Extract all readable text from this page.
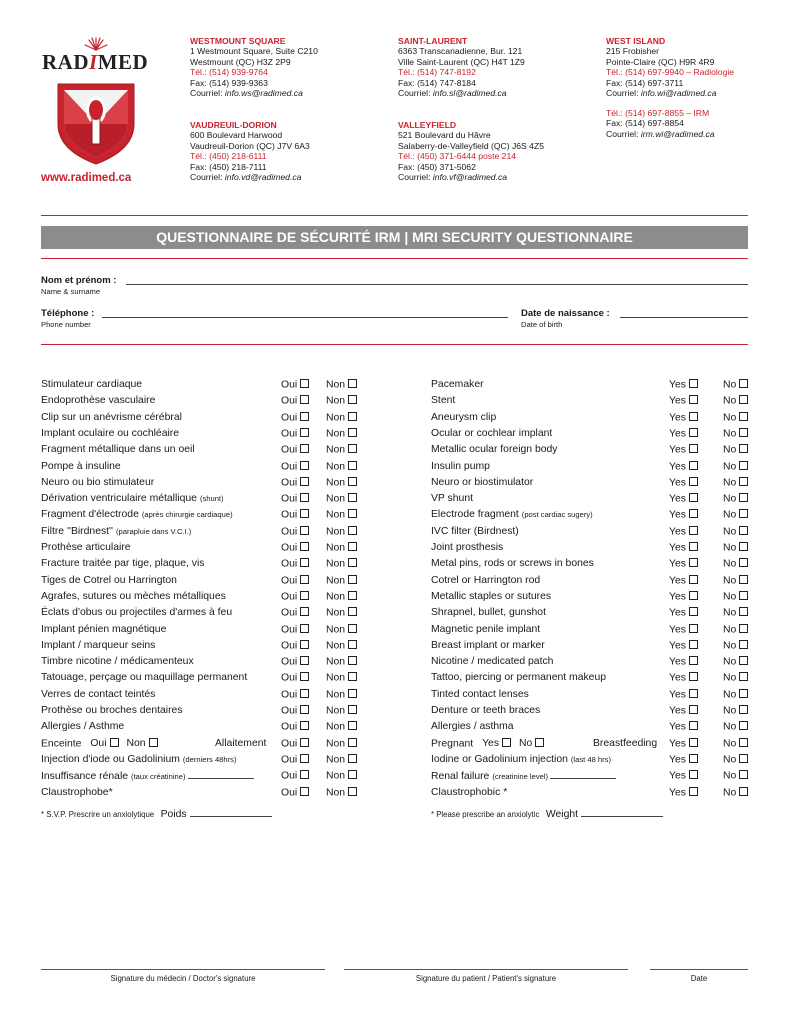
RADIMED
www.radimed.ca
WESTMOUNT SQUARE
1 Westmount Square, Suite C210
Westmount (QC) H3Z 2P9
Tél.: (514) 939-9764
Fax: (514) 939-9363
Courriel: info.ws@radimed.ca
VAUDREUIL-DORION
600 Boulevard Harwood
Vaudreuil-Dorion (QC) J7V 6A3
Tél.: (450) 218-6111
Fax: (450) 218-7111
Courriel: info.vd@radimed.ca
SAINT-LAURENT
6363 Transcanadienne, Bur. 121
Ville Saint-Laurent (QC) H4T 1Z9
Tél.: (514) 747-8192
Fax: (514) 747-8184
Courriel: info.sl@radimed.ca
VALLEYFIELD
521 Boulevard du Hâvre
Salaberry-de-Valleyfield (QC) J6S 4Z5
Tél.: (450) 371-6444 poste 214
Fax: (450) 371-5062
Courriel: info.vf@radimed.ca
WEST ISLAND
215 Frobisher
Pointe-Claire (QC) H9R 4R9
Tél.: (514) 697-9940 – Radiologie
Fax: (514) 697-3711
Courriel: info.wi@radimed.ca
Tél.: (514) 697-8855 – IRM
Fax: (514) 697-8854
Courriel: irm.wi@radimed.ca
QUESTIONNAIRE DE SÉCURITÉ IRM | MRI SECURITY QUESTIONNAIRE
Nom et prénom :
Name & surname
Téléphone :
Phone number
Date de naissance :
Date of birth
Stimulateur cardiaque	Oui	Non
Endoprothèse vasculaire	Oui	Non
Clip sur un anévrisme cérébral	Oui	Non
Implant oculaire ou cochléaire	Oui	Non
Fragment métallique dans un oeil	Oui	Non
Pompe à insuline	Oui	Non
Neuro ou bio stimulateur	Oui	Non
Dérivation ventriculaire métallique (shunt)	Oui	Non
Fragment d'électrode (après chirurgie cardiaque)	Oui	Non
Filtre ''Birdnest'' (parapluie dans V.C.I.)	Oui	Non
Prothèse articulaire	Oui	Non
Fracture traitée par tige, plaque, vis	Oui	Non
Tiges de Cotrel ou Harrington	Oui	Non
Agrafes, sutures ou mèches métalliques	Oui	Non
Éclats d'obus ou projectiles d'armes à feu	Oui	Non
Implant pénien magnétique	Oui	Non
Implant / marqueur seins	Oui	Non
Timbre nicotine / médicamenteux	Oui	Non
Tatouage, perçage ou maquillage permanent	Oui	Non
Verres de contact teintés	Oui	Non
Prothèse ou broches dentaires	Oui	Non
Allergies / Asthme	Oui	Non
Enceinte Oui Non	Allaitement Oui	Non
Injection d'iode ou Gadolinium (derniers 48hrs)	Oui	Non
Insuffisance rénale (taux créatinine)	Oui	Non
Claustrophobe*	Oui	Non
Pacemaker	Yes	No
Stent	Yes	No
Aneurysm clip	Yes	No
Ocular or cochlear implant	Yes	No
Metallic ocular foreign body	Yes	No
Insulin pump	Yes	No
Neuro or biostimulator	Yes	No
VP shunt	Yes	No
Electrode fragment (post cardiac sugery)	Yes	No
IVC filter (Birdnest)	Yes	No
Joint prosthesis	Yes	No
Metal pins, rods or screws in bones	Yes	No
Cotrel or Harrington rod	Yes	No
Metallic staples or sutures	Yes	No
Shrapnel, bullet, gunshot	Yes	No
Magnetic penile implant	Yes	No
Breast implant or marker	Yes	No
Nicotine / medicated patch	Yes	No
Tattoo, piercing or permanent makeup	Yes	No
Tinted contact lenses	Yes	No
Denture or teeth braces	Yes	No
Allergies / asthma	Yes	No
Pregnant Yes No	Breastfeeding Yes	No
Iodine or Gadolinium injection (last 48 hrs)	Yes	No
Renal failure (creatinine level)	Yes	No
Claustrophobic *	Yes	No
* S.V.P. Prescrire un anxiolytique Poids	* Please prescribe an anxiolytic Weight
Signature du médecin / Doctor's signature	Signature du patient / Patient's signature	Date
